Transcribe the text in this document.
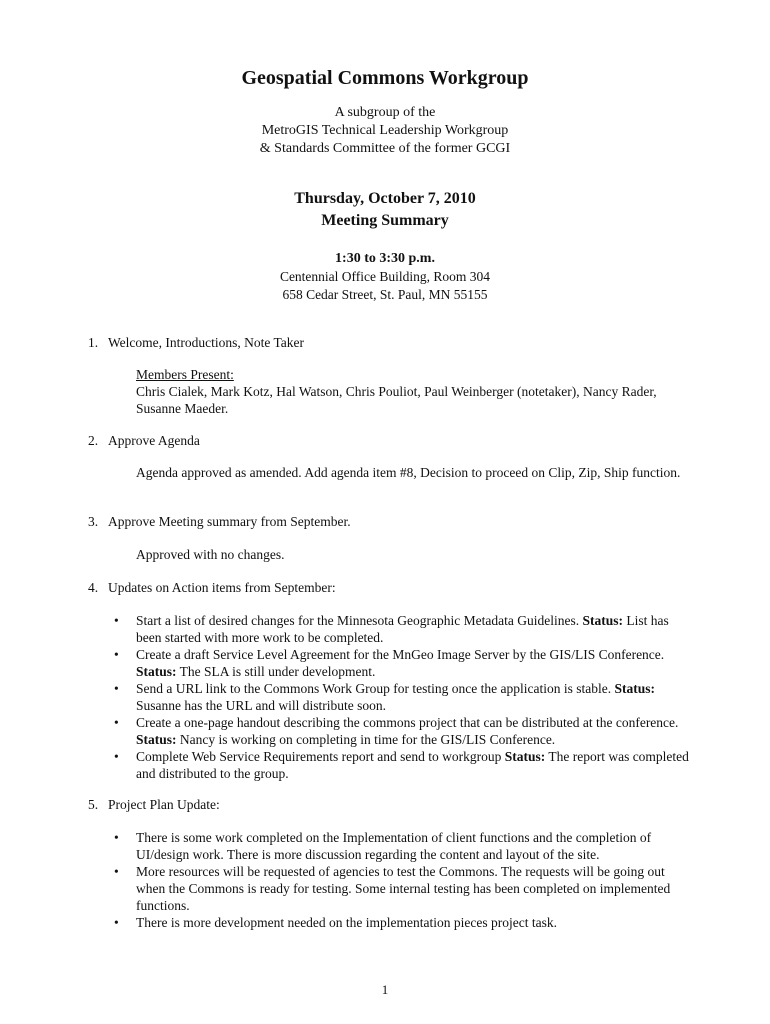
Geospatial Commons Workgroup
A subgroup of the
MetroGIS Technical Leadership Workgroup
& Standards Committee of the former GCGI
Thursday, October 7, 2010
Meeting Summary
1:30 to 3:30 p.m.
Centennial Office Building, Room 304
658 Cedar Street, St. Paul, MN 55155
1. Welcome, Introductions, Note Taker
Members Present:
Chris Cialek, Mark Kotz, Hal Watson, Chris Pouliot, Paul Weinberger (notetaker), Nancy Rader, Susanne Maeder.
2. Approve Agenda
Agenda approved as amended. Add agenda item #8, Decision to proceed on Clip, Zip, Ship function.
3. Approve Meeting summary from September.
Approved with no changes.
4. Updates on Action items from September:
• Start a list of desired changes for the Minnesota Geographic Metadata Guidelines. Status: List has been started with more work to be completed.
• Create a draft Service Level Agreement for the MnGeo Image Server by the GIS/LIS Conference. Status: The SLA is still under development.
• Send a URL link to the Commons Work Group for testing once the application is stable. Status: Susanne has the URL and will distribute soon.
• Create a one-page handout describing the commons project that can be distributed at the conference. Status: Nancy is working on completing in time for the GIS/LIS Conference.
• Complete Web Service Requirements report and send to workgroup Status: The report was completed and distributed to the group.
5. Project Plan Update:
• There is some work completed on the Implementation of client functions and the completion of UI/design work. There is more discussion regarding the content and layout of the site.
• More resources will be requested of agencies to test the Commons. The requests will be going out when the Commons is ready for testing. Some internal testing has been completed on implemented functions.
• There is more development needed on the implementation pieces project task.
1
